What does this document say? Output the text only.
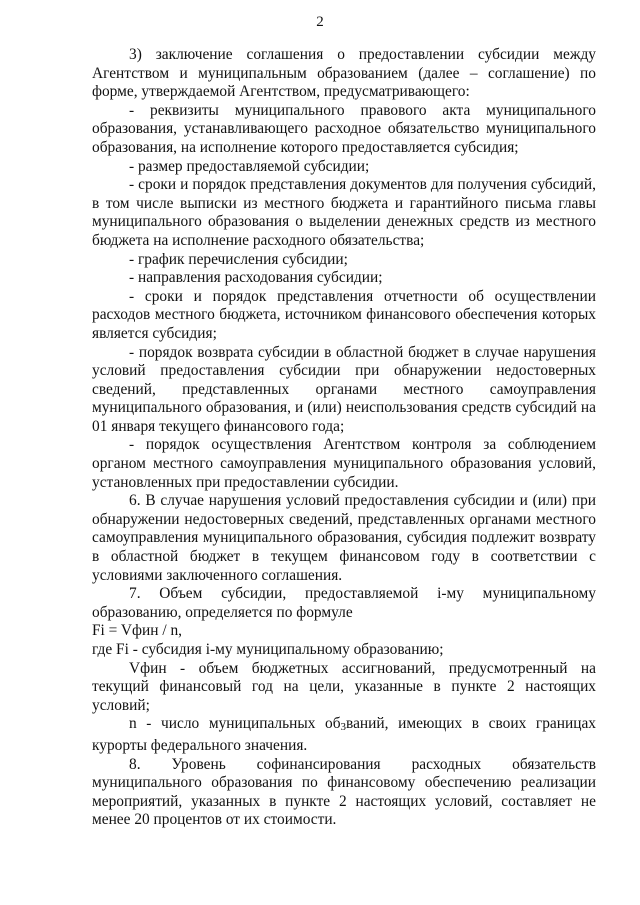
2

3) заключение соглашения о предоставлении субсидии между Агентством и муниципальным образованием (далее – соглашение) по форме, утверждаемой Агентством, предусматривающего:

- реквизиты муниципального правового акта муниципального образования, устанавливающего расходное обязательство муниципального образования, на исполнение которого предоставляется субсидия;

- размер предоставляемой субсидии;

- сроки и порядок представления документов для получения субсидий, в том числе выписки из местного бюджета и гарантийного письма главы муниципального образования о выделении денежных средств из местного бюджета на исполнение расходного обязательства;

- график перечисления субсидии;

- направления расходования субсидии;

- сроки и порядок представления отчетности об осуществлении расходов местного бюджета, источником финансового обеспечения которых является субсидия;

- порядок возврата субсидии в областной бюджет в случае нарушения условий предоставления субсидии при обнаружении недостоверных сведений, представленных органами местного самоуправления муниципального образования, и (или) неиспользования средств субсидий на 01 января текущего финансового года;

- порядок осуществления Агентством контроля за соблюдением органом местного самоуправления муниципального образования условий, установленных при предоставлении субсидии.

6. В случае нарушения условий предоставления субсидии и (или) при обнаружении недостоверных сведений, представленных органами местного самоуправления муниципального образования, субсидия подлежит возврату в областной бюджет в текущем финансовом году в соответствии с условиями заключенного соглашения.

7. Объем субсидии, предоставляемой i-му муниципальному образованию, определяется по формуле

Fi = Vфин / n,

где Fi - субсидия i-му муниципальному образованию;

Vфин - объем бюджетных ассигнований, предусмотренный на текущий финансовый год на цели, указанные в пункте 2 настоящих условий;

n - число муниципальных об3ваний, имеющих в своих границах курорты федерального значения.

8. Уровень софинансирования расходных обязательств муниципального образования по финансовому обеспечению реализации мероприятий, указанных в пункте 2 настоящих условий, составляет не менее 20 процентов от их стоимости.
